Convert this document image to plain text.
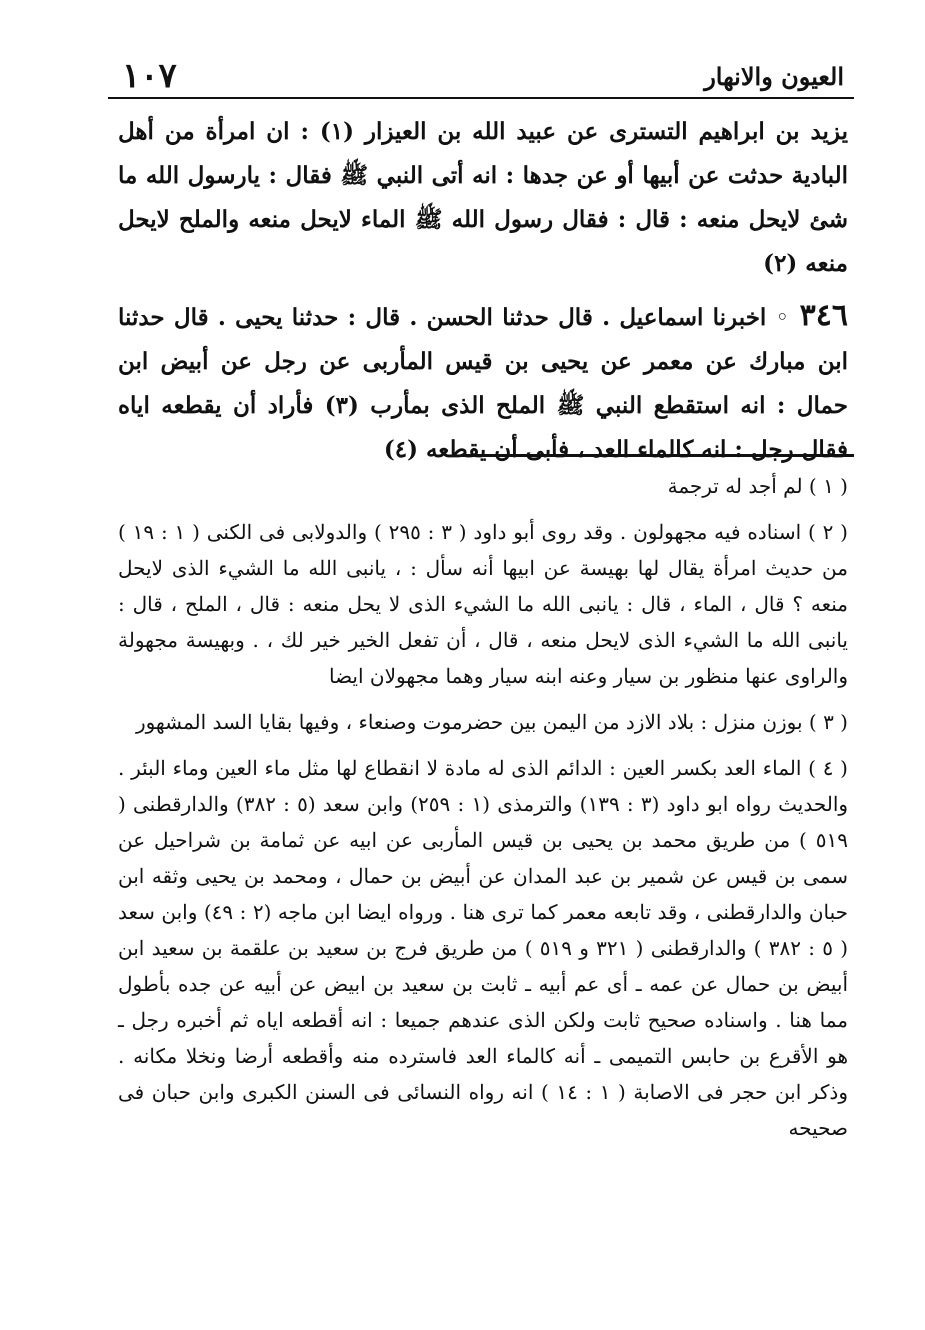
١٠٧	العيون والانهار

يزيد بن ابراهيم التسترى عن عبيد الله بن العيزار (١) : ان امرأة من أهل البادية حدثت عن أبيها أو عن جدها : انه أتى النبي ﷺ فقال : يارسول الله ما شئ لايحل منعه : قال : فقال رسول الله ﷺ الماء لايحل منعه والملح لايحل منعه (٢)

٣٤٦ ◦ اخبرنا اسماعيل . قال حدثنا الحسن . قال : حدثنا يحيى . قال حدثنا ابن مبارك عن معمر عن يحيى بن قيس المأربى عن رجل عن أبيض ابن حمال : انه استقطع النبي ﷺ الملح الذى بمأرب (٣) فأراد أن يقطعه اياه فقال رجل : انه كالماء العد ، فأبى أن يقطعه (٤)

( ١ ) لم أجد له ترجمة

( ٢ ) اسناده فيه مجهولون . وقد روى أبو داود ( ٣ : ٢٩٥ ) والدولابى فى الكنى ( ١ : ١٩ ) من حديث امرأة يقال لها بهيسة عن ابيها أنه سأل : ، يانبى الله ما الشيء الذى لايحل منعه ؟ قال ، الماء ، قال : يانبى الله ما الشيء الذى لا يحل منعه : قال ، الملح ، قال : يانبى الله ما الشيء الذى لايحل منعه ، قال ، أن تفعل الخير خير لك ، . وبهيسة مجهولة والراوى عنها منظور بن سيار وعنه ابنه سيار وهما مجهولان ايضا

( ٣ ) بوزن منزل : بلاد الازد من اليمن بين حضرموت وصنعاء ، وفيها بقايا السد المشهور

( ٤ ) الماء العد بكسر العين : الدائم الذى له مادة لا انقطاع لها مثل ماء العين وماء البئر . والحديث رواه ابو داود (٣ : ١٣٩) والترمذى (١ : ٢٥٩) وابن سعد (٥ : ٣٨٢) والدارقطنى ( ٥١٩ ) من طريق محمد بن يحيى بن قيس المأربى عن ابيه عن ثمامة بن شراحيل عن سمى بن قيس عن شمير بن عبد المدان عن أبيض بن حمال ، ومحمد بن يحيى وثقه ابن حبان والدارقطنى ، وقد تابعه معمر كما ترى هنا . ورواه ايضا ابن ماجه (٢ : ٤٩) وابن سعد ( ٥ : ٣٨٢ ) والدارقطنى ( ٣٢١ و ٥١٩ ) من طريق فرج بن سعيد بن علقمة بن سعيد ابن أبيض بن حمال عن عمه ـ أى عم أبيه ـ ثابت بن سعيد بن ابيض عن أبيه عن جده بأطول مما هنا . واسناده صحيح ثابت ولكن الذى عندهم جميعا : انه أقطعه اياه ثم أخبره رجل ـ هو الأقرع بن حابس التميمى ـ أنه كالماء العد فاسترده منه وأقطعه أرضا ونخلا مكانه . وذكر ابن حجر فى الاصابة ( ١ : ١٤ ) انه رواه النسائى فى السنن الكبرى وابن حبان فى صحيحه
